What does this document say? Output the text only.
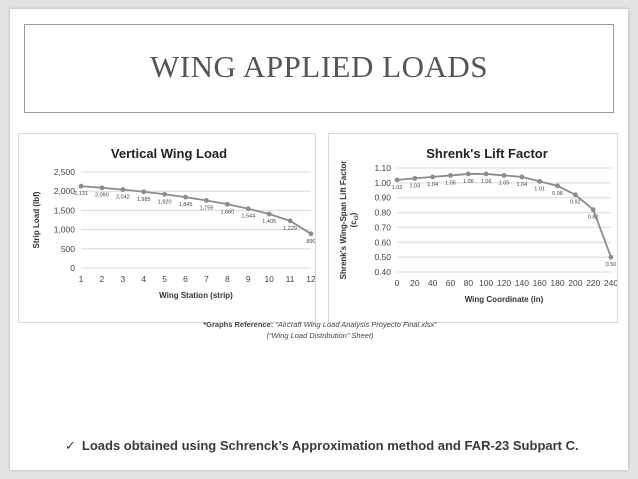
WING APPLIED LOADS
Vertical Wing Load
0
500
1,000
1,500
2,000
2,500
1 2 3 4 5 6 7 8 9 10 11 12
Wing Station (strip)
Strip Load (lbf)	2,131 2,090 2,042 1,985 1,920 1,845
1,759
1,660
1,544
1,405
1,229
890
Shrenk's Lift Factor
0.40
0.50
0.60
0.70
0.80
0.90
1.00
1.10
0 20 40 60 80 100 120 140 160 180 200 220 240
Wing Coordinate (in)
Shrenk's Wing-Span Lift Factor $(c_{cl})$
1.02 1.03 1.04 1.05 1.06 1.06 1.05 1.04
1.01
0.98
0.92
0.82
0.50
*Graphs Reference: “Aircraft Wing Load Analysis Proyecto Final.xlsx”
(“Wing Load Distribution” Sheet)
✓ Loads obtained using Schrenck’s Approximation method and FAR-23 Subpart C.
